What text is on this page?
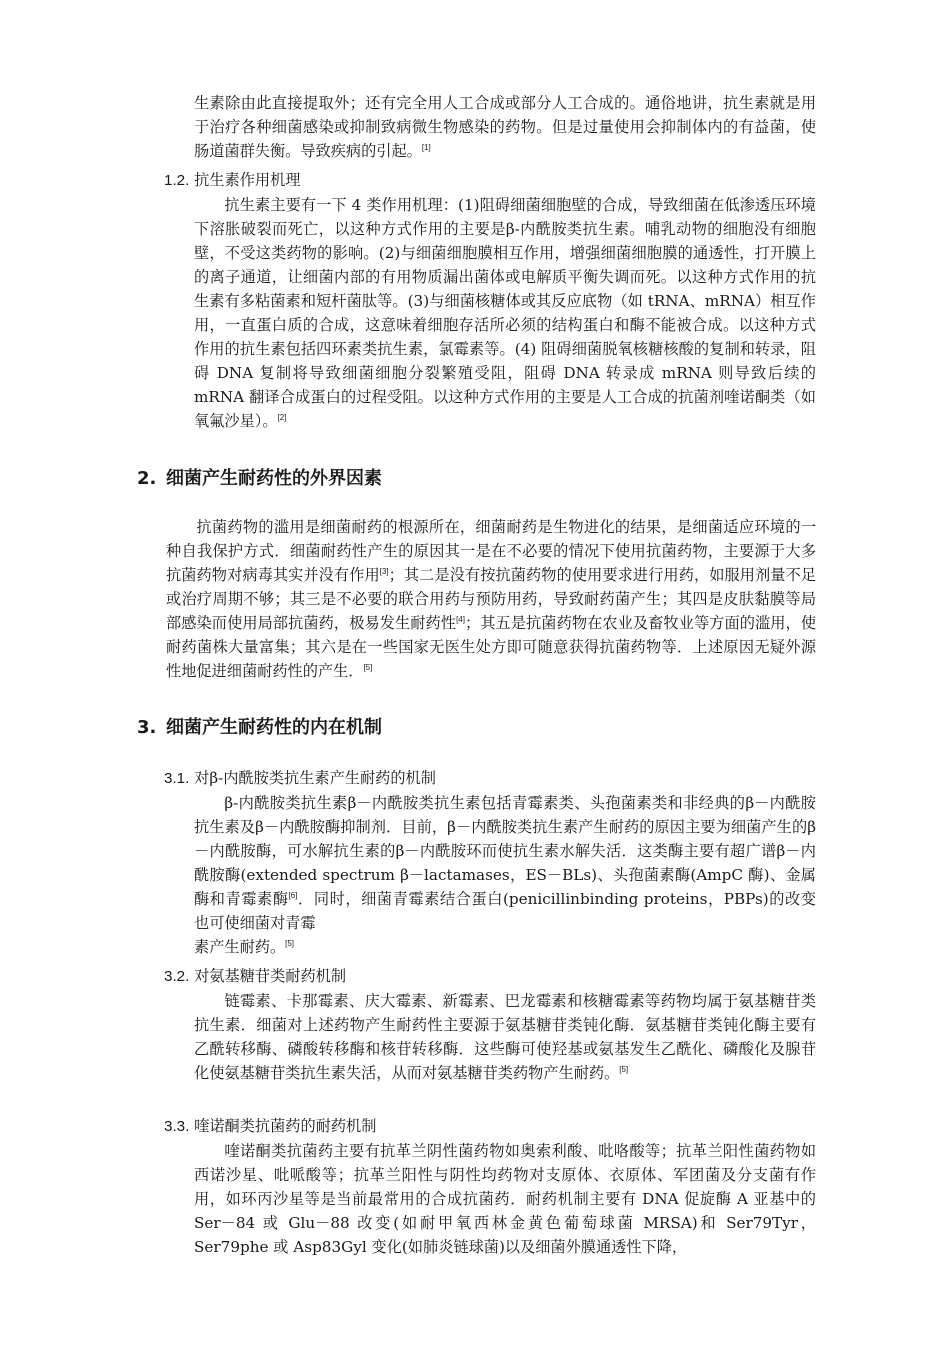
生素除由此直接提取外；还有完全用人工合成或部分人工合成的。通俗地讲，抗生素就是用于治疗各种细菌感染或抑制致病微生物感染的药物。但是过量使用会抑制体内的有益菌，使肠道菌群失衡。导致疾病的引起。[1]

1.2. 抗生素作用机理

抗生素主要有一下 4 类作用机理：(1)阻碍细菌细胞壁的合成，导致细菌在低渗透压环境下溶胀破裂而死亡，以这种方式作用的主要是β-内酰胺类抗生素。哺乳动物的细胞没有细胞壁，不受这类药物的影响。(2)与细菌细胞膜相互作用，增强细菌细胞膜的通透性，打开膜上的离子通道，让细菌内部的有用物质漏出菌体或电解质平衡失调而死。以这种方式作用的抗生素有多粘菌素和短杆菌肽等。(3)与细菌核糖体或其反应底物（如 tRNA、mRNA）相互作用，一直蛋白质的合成，这意味着细胞存活所必须的结构蛋白和酶不能被合成。以这种方式作用的抗生素包括四环素类抗生素，氯霉素等。(4) 阻碍细菌脱氧核糖核酸的复制和转录，阻碍 DNA 复制将导致细菌细胞分裂繁殖受阻，阻碍 DNA 转录成 mRNA 则导致后续的 mRNA 翻译合成蛋白的过程受阻。以这种方式作用的主要是人工合成的抗菌剂喹诺酮类（如氧氟沙星）。[2]

2. 细菌产生耐药性的外界因素

抗菌药物的滥用是细菌耐药的根源所在，细菌耐药是生物进化的结果，是细菌适应环境的一种自我保护方式．细菌耐药性产生的原因其一是在不必要的情况下使用抗菌药物，主要源于大多抗菌药物对病毒其实并没有作用[3]；其二是没有按抗菌药物的使用要求进行用药，如服用剂量不足或治疗周期不够；其三是不必要的联合用药与预防用药，导致耐药菌产生；其四是皮肤黏膜等局部感染而使用局部抗菌药，极易发生耐药性[4]；其五是抗菌药物在农业及畜牧业等方面的滥用，使耐药菌株大量富集；其六是在一些国家无医生处方即可随意获得抗菌药物等．上述原因无疑外源性地促进细菌耐药性的产生．[5]

3. 细菌产生耐药性的内在机制
3.1. 对β-内酰胺类抗生素产生耐药的机制

β-内酰胺类抗生素β－内酰胺类抗生素包括青霉素类、头孢菌素类和非经典的β－内酰胺抗生素及β－内酰胺酶抑制剂．目前，β－内酰胺类抗生素产生耐药的原因主要为细菌产生的β－内酰胺酶，可水解抗生素的β－内酰胺环而使抗生素水解失活．这类酶主要有超广谱β－内酰胺酶(extended spectrum β－lactamases，ES－BLs)、头孢菌素酶(AmpC 酶)、金属酶和青霉素酶[6]．同时，细菌青霉素结合蛋白(penicillinbinding proteins，PBPs)的改变也可使细菌对青霉

素产生耐药。[5]

3.2. 对氨基糖苷类耐药机制

链霉素、卡那霉素、庆大霉素、新霉素、巴龙霉素和核糖霉素等药物均属于氨基糖苷类抗生素．细菌对上述药物产生耐药性主要源于氨基糖苷类钝化酶．氨基糖苷类钝化酶主要有乙酰转移酶、磷酸转移酶和核苷转移酶．这些酶可使羟基或氨基发生乙酰化、磷酸化及腺苷化使氨基糖苷类抗生素失活，从而对氨基糖苷类药物产生耐药。[5]

3.3. 喹诺酮类抗菌药的耐药机制

喹诺酮类抗菌药主要有抗革兰阴性菌药物如奥索利酸、吡咯酸等；抗革兰阳性菌药物如西诺沙星、吡哌酸等；抗革兰阳性与阴性均药物对支原体、衣原体、军团菌及分支菌有作用，如环丙沙星等是当前最常用的合成抗菌药．耐药机制主要有 DNA 促旋酶 A 亚基中的 Ser－84 或 Glu－88 改变(如耐甲氧西林金黄色葡萄球菌 MRSA)和 Ser79Tyr，Ser79phe 或 Asp83Gyl 变化(如肺炎链球菌)以及细菌外膜通透性下降，
